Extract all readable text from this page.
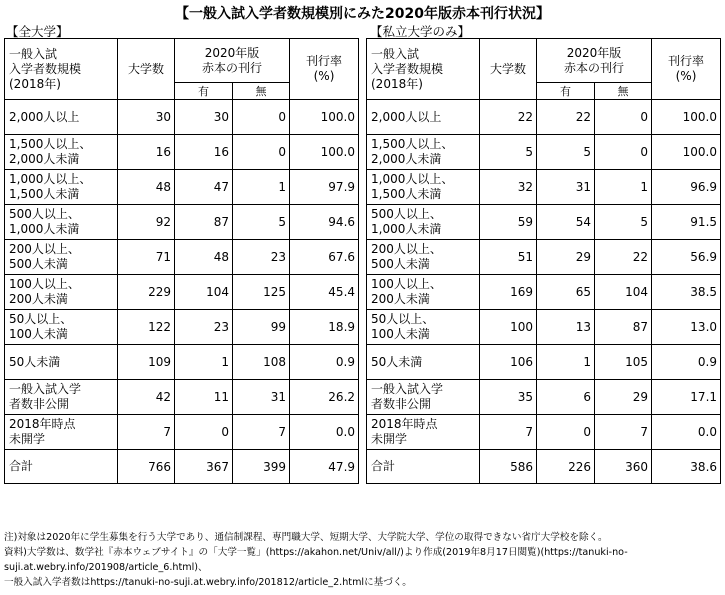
【一般入試入学者数規模別にみた2020年版赤本刊行状況】
【全大学】	【私立大学のみ】
一般入試
入学者数規模
(2018年)	大学数	2020年版
赤本の刊行		刊行率
(%)
		有	無	
2,000人以上	30	30	0	100.0
1,500人以上、
2,000人未満	16	16	0	100.0
1,000人以上、
1,500人未満	48	47	1	97.9
500人以上、
1,000人未満	92	87	5	94.6
200人以上、
500人未満	71	48	23	67.6
100人以上、
200人未満	229	104	125	45.4
50人以上、
100人未満	122	23	99	18.9
50人未満	109	1	108	0.9
一般入試入学
者数非公開	42	11	31	26.2
2018年時点
未開学	7	0	7	0.0
合計	766	367	399	47.9
一般入試
入学者数規模
(2018年)	大学数	2020年版
赤本の刊行		刊行率
(%)
		有	無	
2,000人以上	22	22	0	100.0
1,500人以上、
2,000人未満	5	5	0	100.0
1,000人以上、
1,500人未満	32	31	1	96.9
500人以上、
1,000人未満	59	54	5	91.5
200人以上、
500人未満	51	29	22	56.9
100人以上、
200人未満	169	65	104	38.5
50人以上、
100人未満	100	13	87	13.0
50人未満	106	1	105	0.9
一般入試入学
者数非公開	35	6	29	17.1
2018年時点
未開学	7	0	7	0.0
合計	586	226	360	38.6
注)対象は2020年に学生募集を行う大学であり、通信制課程、専門職大学、短期大学、大学院大学、学位の取得できない省庁大学校を除く。
資料)大学数は、数学社『赤本ウェブサイト』の「大学一覧」(https://akahon.net/Univ/all/)より作成(2019年8月17日閲覧)(https://tanuki-no-
suji.at.webry.info/201908/article_6.html)、
一般入試入学者数はhttps://tanuki-no-suji.at.webry.info/201812/article_2.htmlに基づく。
